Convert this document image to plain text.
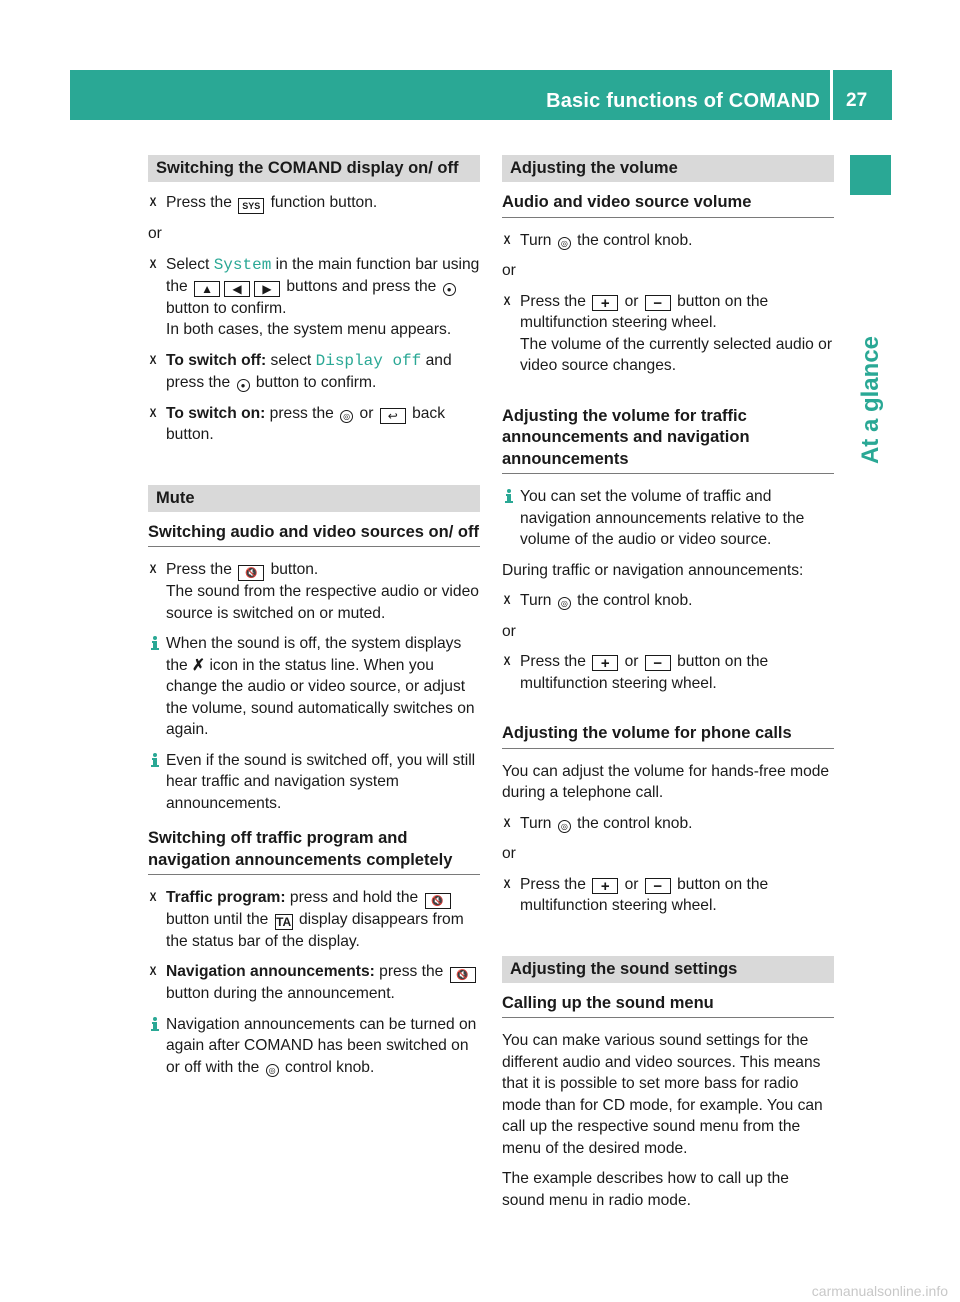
Basic functions of COMAND 27
At a glance
Switching the COMAND display on/ off
X Press the SYS function button.

or

X Select System in the main function bar using the ▲ ◀ ▶ buttons and press the ● button to confirm.
In both cases, the system menu appears.
X To switch off: select Display off and press the ● button to confirm.
X To switch on: press the ◎ or ↩ back button.
Mute
Switching audio and video sources on/ off
X Press the 🔇 button.
The sound from the respective audio or video source is switched on or muted.
When the sound is off, the system displays the ✗ icon in the status line. When you change the audio or video source, or adjust the volume, sound automatically switches on again.
Even if the sound is switched off, you will still hear traffic and navigation system announcements.
Switching off traffic program and navigation announcements completely
X Traffic program: press and hold the 🔇 button until the TA display disappears from the status bar of the display.
X Navigation announcements: press the 🔇 button during the announcement.
Navigation announcements can be turned on again after COMAND has been switched on or off with the ◎ control knob.
Adjusting the volume
Audio and video source volume
X Turn ◎ the control knob.

or

X Press the + or − button on the multifunction steering wheel.
The volume of the currently selected audio or video source changes.
Adjusting the volume for traffic announcements and navigation announcements
You can set the volume of traffic and navigation announcements relative to the volume of the audio or video source.

During traffic or navigation announcements:

X Turn ◎ the control knob.

or

X Press the + or − button on the multifunction steering wheel.
Adjusting the volume for phone calls

You can adjust the volume for hands-free mode during a telephone call.

X Turn ◎ the control knob.

or

X Press the + or − button on the multifunction steering wheel.
Adjusting the sound settings
Calling up the sound menu

You can make various sound settings for the different audio and video sources. This means that it is possible to set more bass for radio mode than for CD mode, for example. You can call up the respective sound menu from the menu of the desired mode.

The example describes how to call up the sound menu in radio mode.

carmanualsonline.info
